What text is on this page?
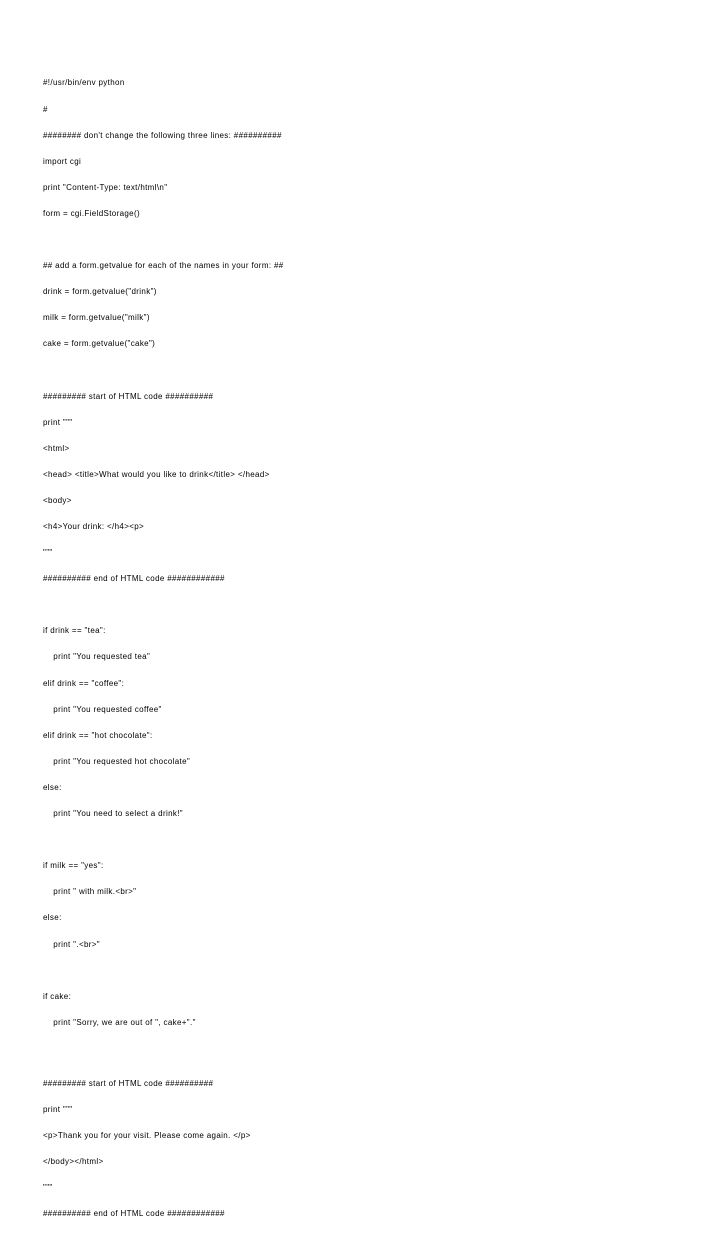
#!/usr/bin/env python

#

######## don't change the following three lines: ##########

import cgi

print "Content-Type: text/html\n"

form = cgi.FieldStorage()

## add a form.getvalue for each of the names in your form: ##

drink = form.getvalue("drink")

milk = form.getvalue("milk")

cake = form.getvalue("cake")

######### start of HTML code ##########

print """

<html>

<head> <title>What would you like to drink</title> </head>

<body>

<h4>Your drink: </h4><p>

"""

########## end of HTML code ############

if drink == "tea":

print "You requested tea"

elif drink == "coffee":

print "You requested coffee"

elif drink == "hot chocolate":

print "You requested hot chocolate"

else:

print "You need to select a drink!"

if milk == "yes":

print " with milk.<br>"

else:

print ".<br>"

if cake:

print "Sorry, we are out of ", cake+"."

######### start of HTML code ##########

print """

<p>Thank you for your visit. Please come again. </p>

</body></html>

"""

########## end of HTML code ############
